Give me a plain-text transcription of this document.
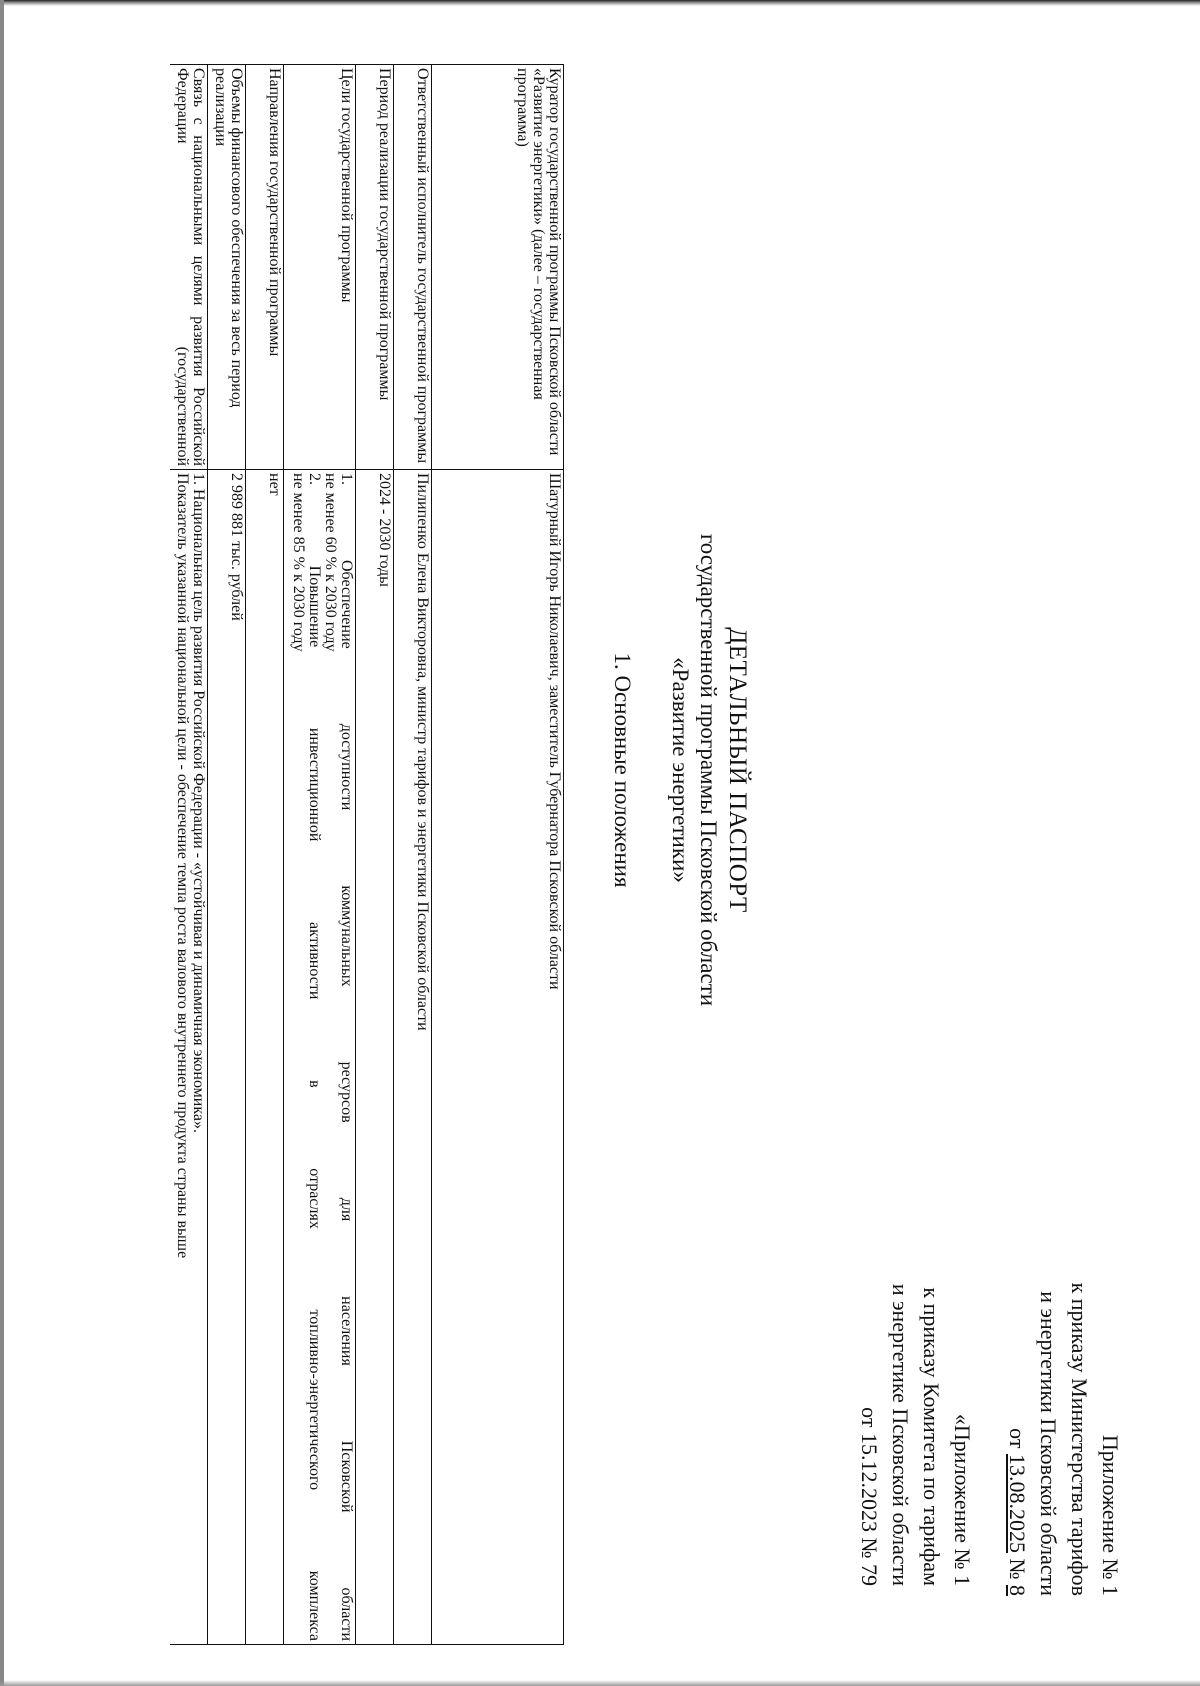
Приложение № 1
к приказу Министерства тарифов
и энергетики Псковской области
от 13.08.2025 № 8
«Приложение № 1
к приказу Комитета по тарифам
и энергетике Псковской области
от 15.12.2023 № 79
ДЕТАЛЬНЫЙ ПАСПОРТ
государственной программы Псковской области
«Развитие энергетики»
1. Основные положения
Куратор государственной программы Псковской области «Развитие энергетики» (далее – государственная программа)	Шатурный Игорь Николаевич, заместитель Губернатора Псковской области
Ответственный исполнитель государственной программы	Пилипенко Елена Викторовна, министр тарифов и энергетики Псковской области
Период реализации государственной программы	2024 - 2030 годы
Цели государственной программы	1. Обеспечение доступности коммунальных ресурсов для населения Псковской области
не менее 60 % к 2030 году
2. Повышение инвестиционной активности в отраслях топливно-энергетического комплекса
не менее 85 % к 2030 году

Направления государственной программы	нет
Объемы финансового обеспечения за весь период реализации	2 989 881 тыс. рублей
Связь с национальными целями развития Российской Федерации (государственной	1. Национальная цель развития Российской Федерации - «устойчивая и динамичная экономика».
Показатель указанной национальной цели - обеспечение темпа роста валового внутреннего продукта страны выше
